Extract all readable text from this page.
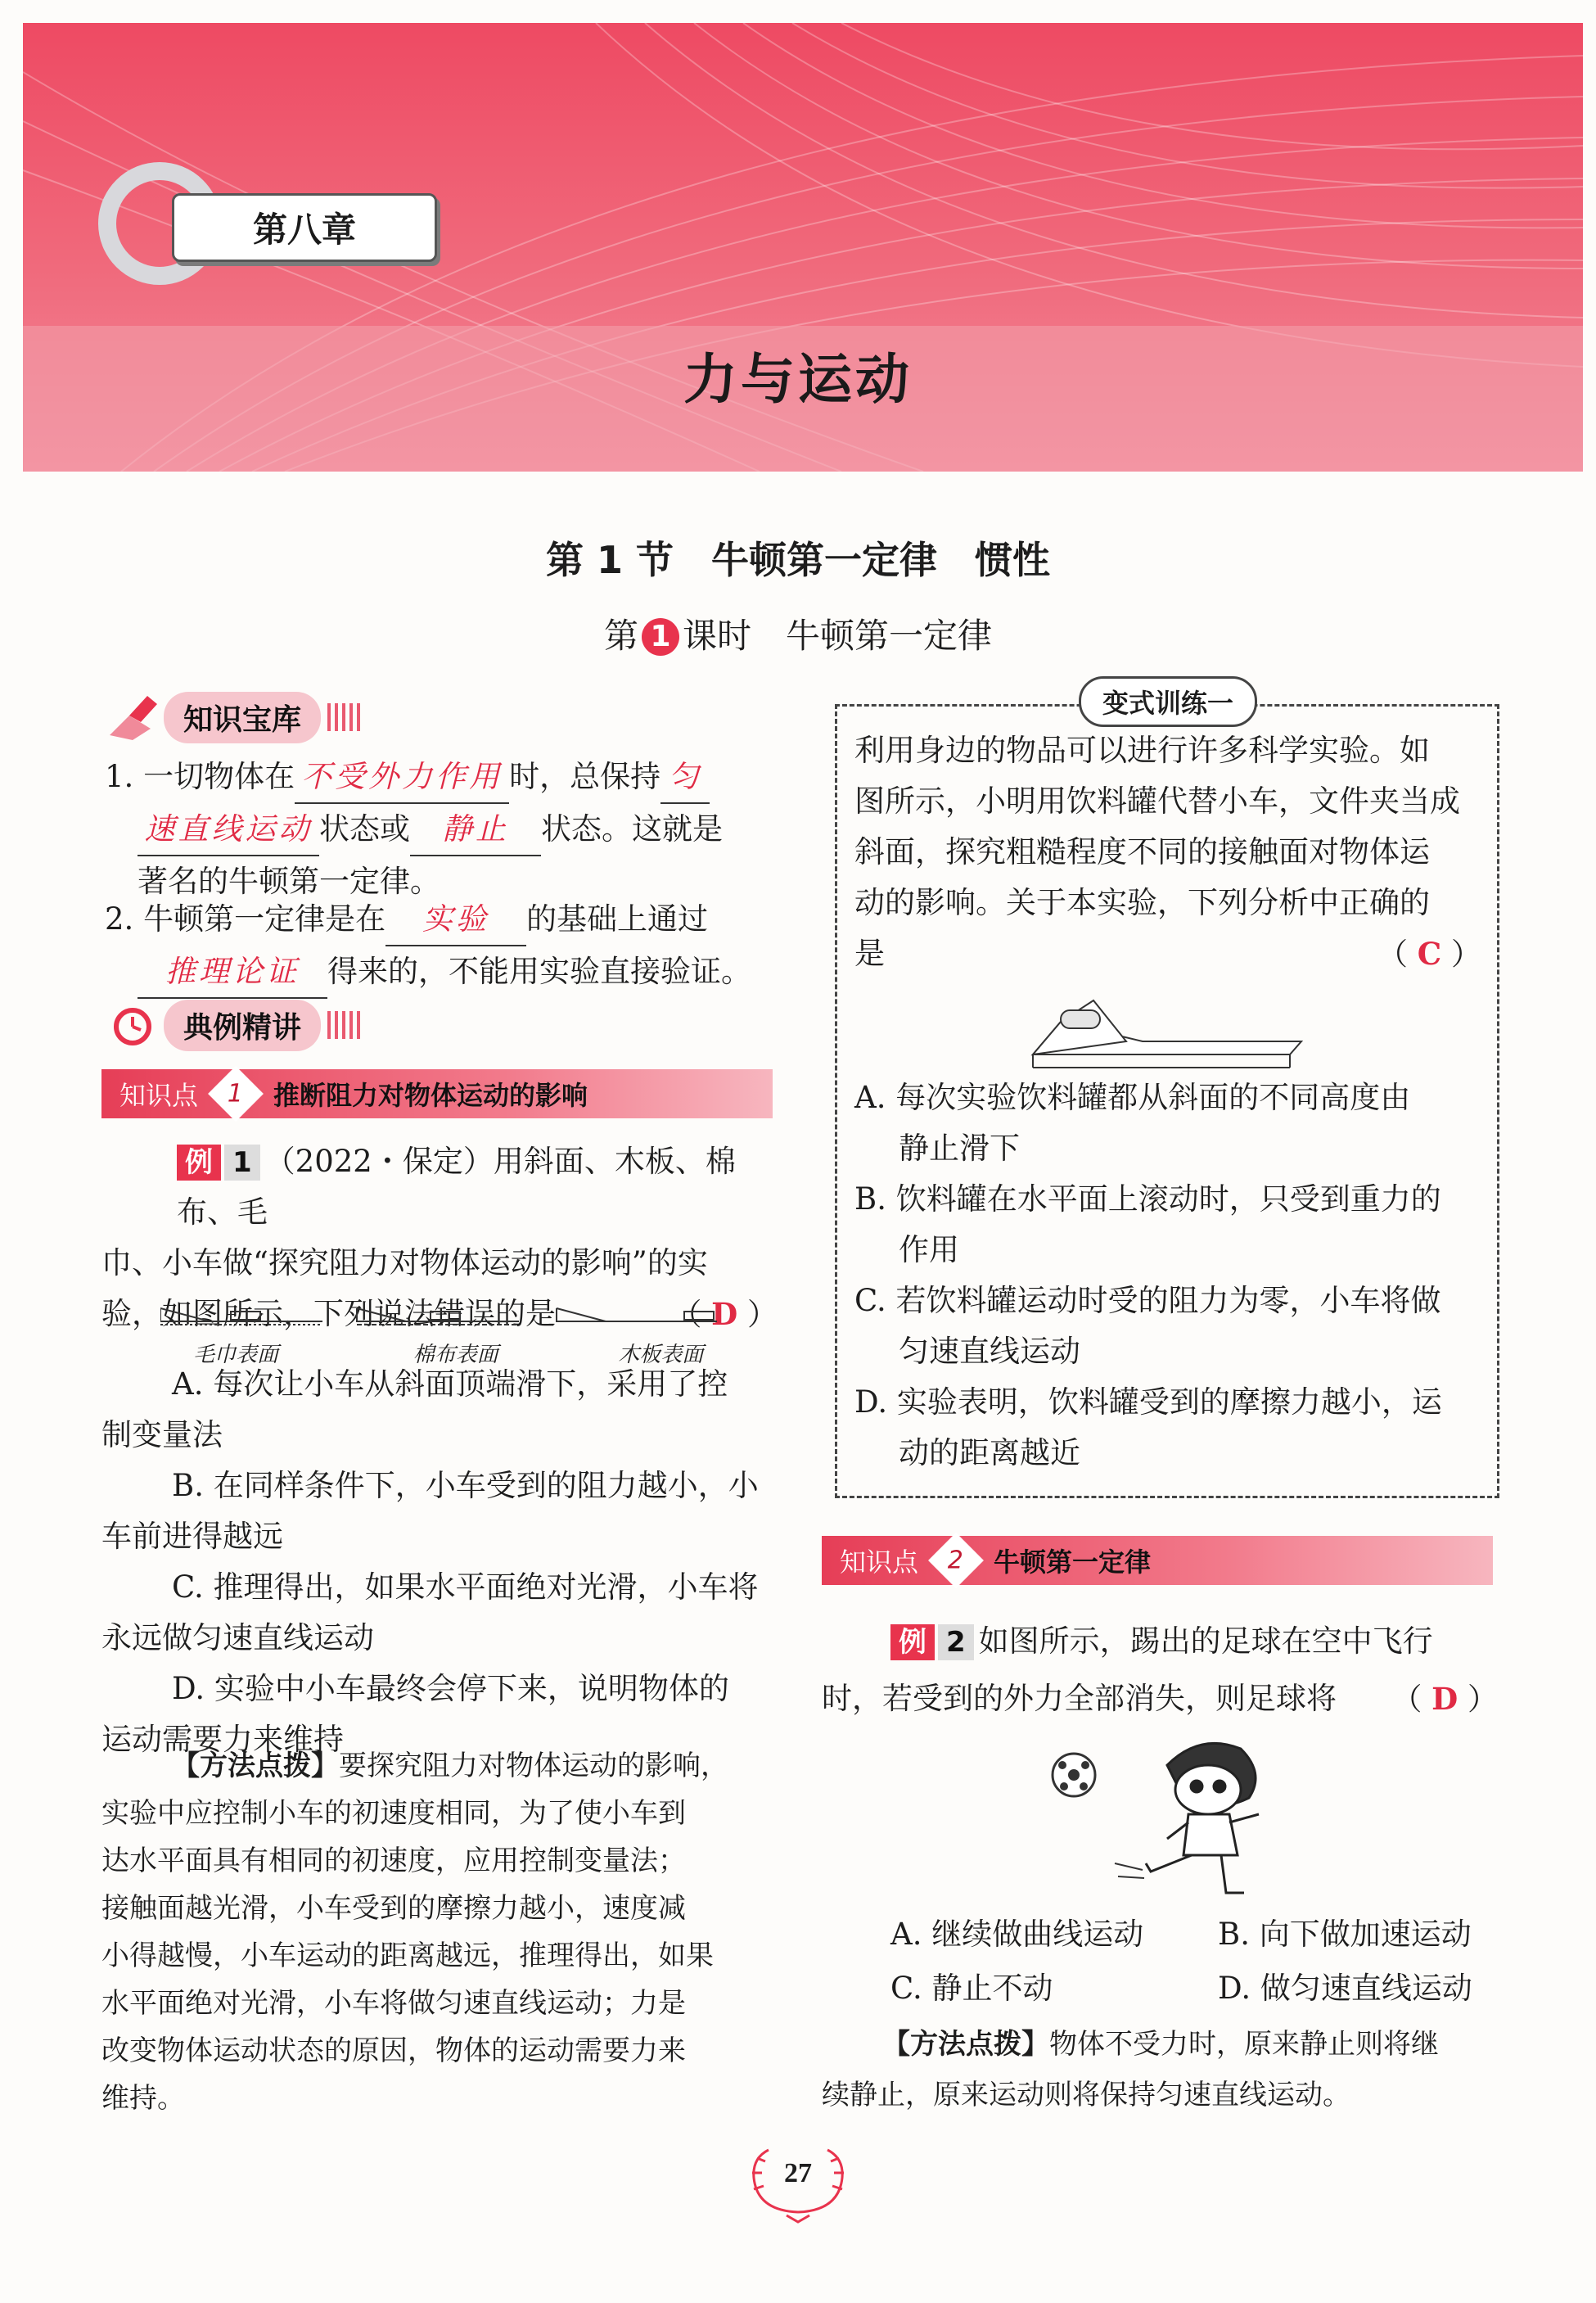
第八章
力与运动
第 1 节　牛顿第一定律　惯性
第 1 课时　牛顿第一定律
知识宝库
1. 一切物体在 不受外力作用 时，总保持 匀
速直线运动 状态或 静止 状态。这就是
著名的牛顿第一定律。
2. 牛顿第一定律是在 实验 的基础上通过
推理论证 得来的，不能用实验直接验证。
典例精讲
知识点	1 推断阻力对物体运动的影响
例 1 （2022・保定）用斜面、木板、棉布、毛
巾、小车做“探究阻力对物体运动的影响”的实
验，如图所示，下列说法错误的是	（ D ）
毛巾表面	棉布表面	木板表面
A. 每次让小车从斜面顶端滑下，采用了控
制变量法
B. 在同样条件下，小车受到的阻力越小，小
车前进得越远
C. 推理得出，如果水平面绝对光滑，小车将
永远做匀速直线运动
D. 实验中小车最终会停下来，说明物体的
运动需要力来维持
【方法点拨】要探究阻力对物体运动的影响，
实验中应控制小车的初速度相同，为了使小车到
达水平面具有相同的初速度，应用控制变量法；
接触面越光滑，小车受到的摩擦力越小，速度减
小得越慢，小车运动的距离越远，推理得出，如果
水平面绝对光滑，小车将做匀速直线运动；力是
改变物体运动状态的原因，物体的运动需要力来
维持。
变式训练一
利用身边的物品可以进行许多科学实验。如
图所示，小明用饮料罐代替小车，文件夹当成
斜面，探究粗糙程度不同的接触面对物体运
动的影响。关于本实验，下列分析中正确的
是	（ C ）
A. 每次实验饮料罐都从斜面的不同高度由
静止滑下
B. 饮料罐在水平面上滚动时，只受到重力的
作用
C. 若饮料罐运动时受的阻力为零，小车将做
匀速直线运动
D. 实验表明，饮料罐受到的摩擦力越小，运
动的距离越近
知识点	2 牛顿第一定律
例 2 如图所示，踢出的足球在空中飞行
时，若受到的外力全部消失，则足球将 （ D ）
A. 继续做曲线运动	B. 向下做加速运动
C. 静止不动	D. 做匀速直线运动
【方法点拨】物体不受力时，原来静止则将继
续静止，原来运动则将保持匀速直线运动。
27
